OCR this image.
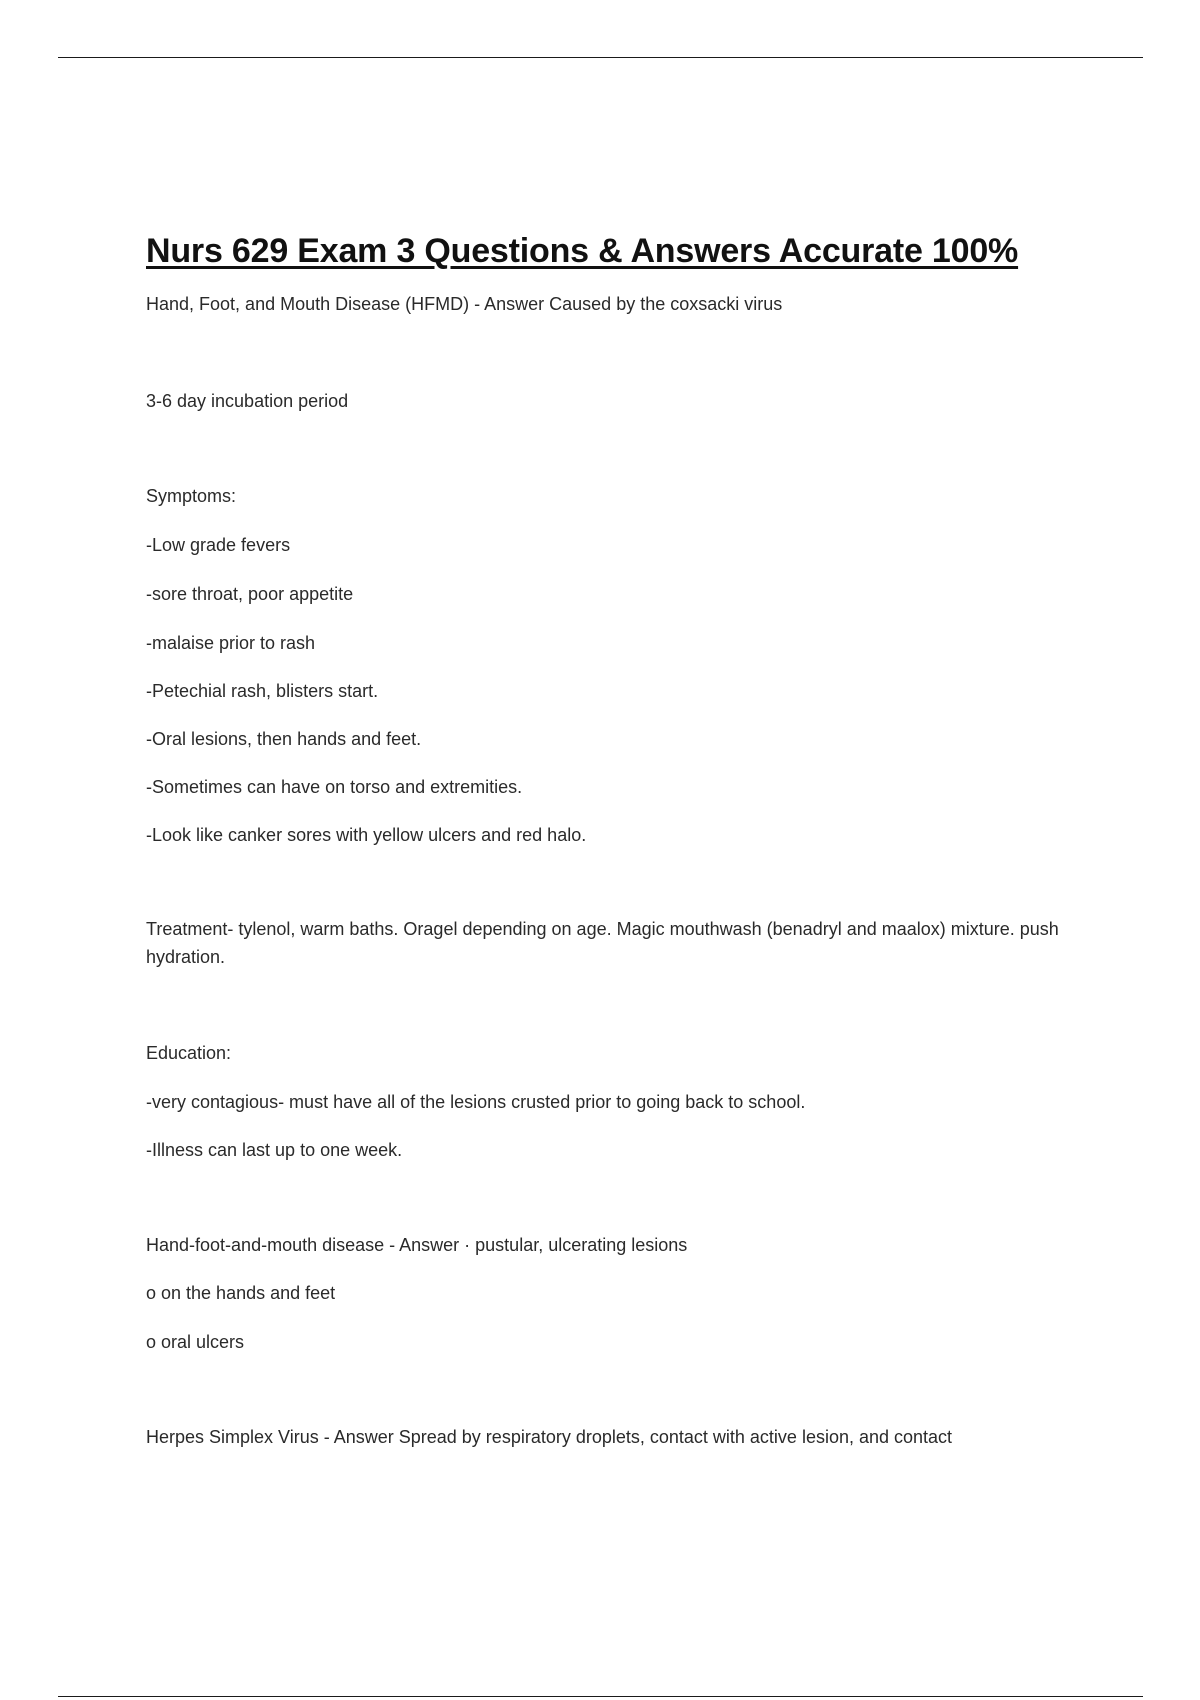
Nurs 629 Exam 3 Questions & Answers Accurate 100%

Hand, Foot, and Mouth Disease (HFMD) - Answer Caused by the coxsacki virus

3-6 day incubation period

Symptoms:

-Low grade fevers

-sore throat, poor appetite

-malaise prior to rash

-Petechial rash, blisters start.

-Oral lesions, then hands and feet.

-Sometimes can have on torso and extremities.

-Look like canker sores with yellow ulcers and red halo.

Treatment- tylenol, warm baths. Oragel depending on age. Magic mouthwash (benadryl and maalox) mixture. push hydration.

Education:

-very contagious- must have all of the lesions crusted prior to going back to school.

-Illness can last up to one week.

Hand-foot-and-mouth disease - Answer · pustular, ulcerating lesions

o on the hands and feet

o oral ulcers

Herpes Simplex Virus - Answer Spread by respiratory droplets, contact with active lesion, and contact
